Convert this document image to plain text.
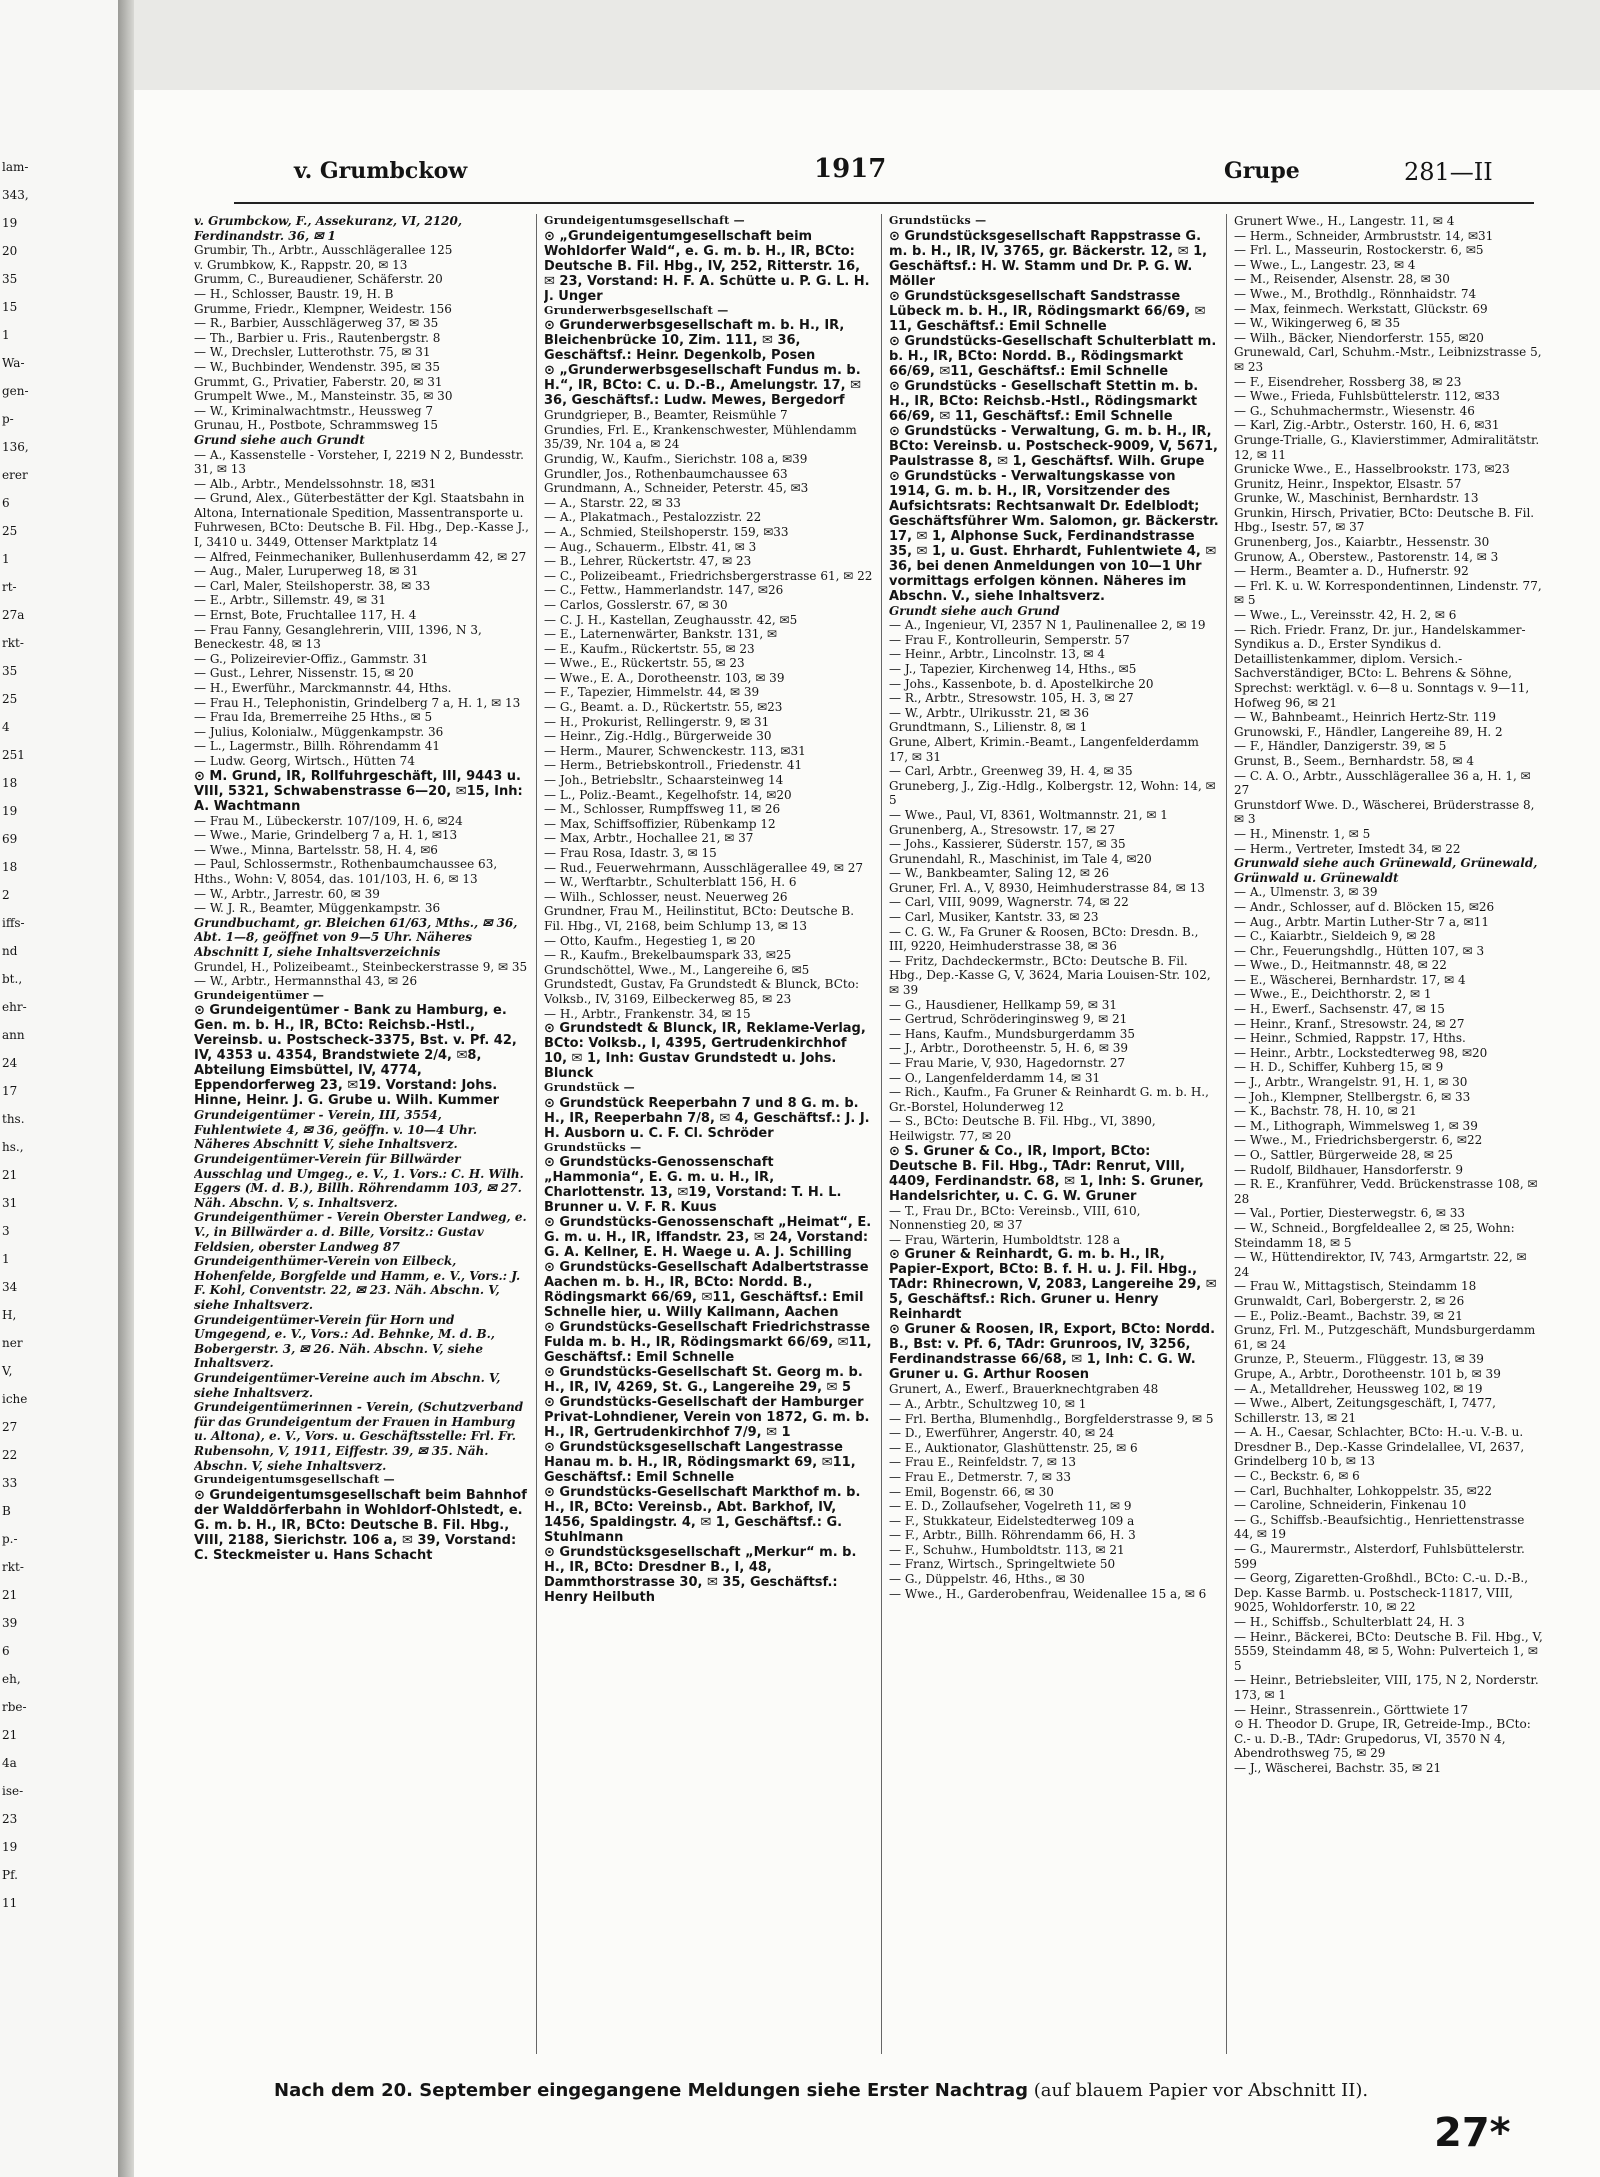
lam-
343,
19
20
35
15
1
Wa-
gen-
p-
136,
erer
6
25
1
rt-
27a
rkt-
35
25
4
251
18
19
69
18
2
iffs-
nd
bt.,
ehr-
ann
24
17
ths.
hs.,
21
31
3
1
34
H,
ner
V,
iche
27
22
33
B
p.-
rkt-
21
39
6
eh,
rbe-
21
4a
ise-
23
19
Pf.
11
v. Grumbckow	1917	Grupe	281—II

v. Grumbckow, F., Assekuranz, VI, 2120, Ferdinandstr. 36, ✉ 1

Grumbir, Th., Arbtr., Ausschlägerallee 125

v. Grumbkow, K., Rappstr. 20, ✉ 13

Grumm, C., Bureaudiener, Schäferstr. 20

— H., Schlosser, Baustr. 19, H. B

Grumme, Friedr., Klempner, Weidestr. 156

— R., Barbier, Ausschlägerweg 37, ✉ 35

— Th., Barbier u. Fris., Rautenbergstr. 8

— W., Drechsler, Lutterothstr. 75, ✉ 31

— W., Buchbinder, Wendenstr. 395, ✉ 35

Grummt, G., Privatier, Faberstr. 20, ✉ 31

Grumpelt Wwe., M., Mansteinstr. 35, ✉ 30

— W., Kriminalwachtmstr., Heussweg 7

Grunau, H., Postbote, Schrammsweg 15

Grund siehe auch Grundt

— A., Kassenstelle - Vorsteher, I, 2219 N 2, Bundesstr. 31, ✉ 13

— Alb., Arbtr., Mendelssohnstr. 18, ✉31

— Grund, Alex., Güterbestätter der Kgl. Staatsbahn in Altona, Internationale Spedition, Massentransporte u. Fuhrwesen, BCto: Deutsche B. Fil. Hbg., Dep.-Kasse J., I, 3410 u. 3449, Ottenser Marktplatz 14

— Alfred, Feinmechaniker, Bullenhuserdamm 42, ✉ 27

— Aug., Maler, Luruperweg 18, ✉ 31

— Carl, Maler, Steilshoperstr. 38, ✉ 33

— E., Arbtr., Sillemstr. 49, ✉ 31

— Ernst, Bote, Fruchtallee 117, H. 4

— Frau Fanny, Gesanglehrerin, VIII, 1396, N 3, Beneckestr. 48, ✉ 13

— G., Polizeirevier-Offiz., Gammstr. 31

— Gust., Lehrer, Nissenstr. 15, ✉ 20

— H., Ewerführ., Marckmannstr. 44, Hths.

— Frau H., Telephonistin, Grindelberg 7 a, H. 1, ✉ 13

— Frau Ida, Bremerreihe 25 Hths., ✉ 5

— Julius, Kolonialw., Müggenkampstr. 36

— L., Lagermstr., Billh. Röhrendamm 41

— Ludw. Georg, Wirtsch., Hütten 74

⊙ M. Grund, IR, Rollfuhrgeschäft, III, 9443 u. VIII, 5321, Schwabenstrasse 6—20, ✉15, Inh: A. Wachtmann

— Frau M., Lübeckerstr. 107/109, H. 6, ✉24

— Wwe., Marie, Grindelberg 7 a, H. 1, ✉13

— Wwe., Minna, Bartelsstr. 58, H. 4, ✉6

— Paul, Schlossermstr., Rothenbaumchaussee 63, Hths., Wohn: V, 8054, das. 101/103, H. 6, ✉ 13

— W., Arbtr., Jarrestr. 60, ✉ 39

— W. J. R., Beamter, Müggenkampstr. 36

Grundbuchamt, gr. Bleichen 61/63, Mths., ✉ 36, Abt. 1—8, geöffnet von 9—5 Uhr. Näheres Abschnitt I, siehe Inhaltsverzeichnis

Grundel, H., Polizeibeamt., Steinbeckerstrasse 9, ✉ 35

— W., Arbtr., Hermannsthal 43, ✉ 26

Grundeigentümer —

⊙ Grundeigentümer - Bank zu Hamburg, e. Gen. m. b. H., IR, BCto: Reichsb.-Hstl., Vereinsb. u. Postscheck-3375, Bst. v. Pf. 42, IV, 4353 u. 4354, Brandstwiete 2/4, ✉8, Abteilung Eimsbüttel, IV, 4774, Eppendorferweg 23, ✉19. Vorstand: Johs. Hinne, Heinr. J. G. Grube u. Wilh. Kummer

Grundeigentümer - Verein, III, 3554, Fuhlentwiete 4, ✉ 36, geöffn. v. 10—4 Uhr. Näheres Abschnitt V, siehe Inhaltsverz.

Grundeigentümer-Verein für Billwärder Ausschlag und Umgeg., e. V., 1. Vors.: C. H. Wilh. Eggers (M. d. B.), Billh. Röhrendamm 103, ✉ 27. Näh. Abschn. V, s. Inhaltsverz.

Grundeigenthümer - Verein Oberster Landweg, e. V., in Billwärder a. d. Bille, Vorsitz.: Gustav Feldsien, oberster Landweg 87

Grundeigenthümer-Verein von Eilbeck, Hohenfelde, Borgfelde und Hamm, e. V., Vors.: J. F. Kohl, Conventstr. 22, ✉ 23. Näh. Abschn. V, siehe Inhaltsverz.

Grundeigentümer-Verein für Horn und Umgegend, e. V., Vors.: Ad. Behnke, M. d. B., Bobergerstr. 3, ✉ 26. Näh. Abschn. V, siehe Inhaltsverz.

Grundeigentümer-Vereine auch im Abschn. V, siehe Inhaltsverz.

Grundeigentümerinnen - Verein, (Schutzverband für das Grundeigentum der Frauen in Hamburg u. Altona), e. V., Vors. u. Geschäftsstelle: Frl. Fr. Rubensohn, V, 1911, Eiffestr. 39, ✉ 35. Näh. Abschn. V, siehe Inhaltsverz.

Grundeigentumsgesellschaft —

⊙ Grundeigentumsgesellschaft beim Bahnhof der Walddörferbahn in Wohldorf-Ohlstedt, e. G. m. b. H., IR, BCto: Deutsche B. Fil. Hbg., VIII, 2188, Sierichstr. 106 a, ✉ 39, Vorstand: C. Steckmeister u. Hans Schacht

Grundeigentumsgesellschaft —

⊙ „Grundeigentumgesellschaft beim Wohldorfer Wald“, e. G. m. b. H., IR, BCto: Deutsche B. Fil. Hbg., IV, 252, Ritterstr. 16, ✉ 23, Vorstand: H. F. A. Schütte u. P. G. L. H. J. Unger

Grunderwerbsgesellschaft —

⊙ Grunderwerbsgesellschaft m. b. H., IR, Bleichenbrücke 10, Zim. 111, ✉ 36, Geschäftsf.: Heinr. Degenkolb, Posen

⊙ „Grunderwerbsgesellschaft Fundus m. b. H.“, IR, BCto: C. u. D.-B., Amelungstr. 17, ✉ 36, Geschäftsf.: Ludw. Mewes, Bergedorf

Grundgrieper, B., Beamter, Reismühle 7

Grundies, Frl. E., Krankenschwester, Mühlendamm 35/39, Nr. 104 a, ✉ 24

Grundig, W., Kaufm., Sierichstr. 108 a, ✉39

Grundler, Jos., Rothenbaumchaussee 63

Grundmann, A., Schneider, Peterstr. 45, ✉3

— A., Starstr. 22, ✉ 33

— A., Plakatmach., Pestalozzistr. 22

— A., Schmied, Steilshoperstr. 159, ✉33

— Aug., Schauerm., Elbstr. 41, ✉ 3

— B., Lehrer, Rückertstr. 47, ✉ 23

— C., Polizeibeamt., Friedrichsbergerstrasse 61, ✉ 22

— C., Fettw., Hammerlandstr. 147, ✉26

— Carlos, Gosslerstr. 67, ✉ 30

— C. J. H., Kastellan, Zeughausstr. 42, ✉5

— E., Laternenwärter, Bankstr. 131, ✉

— E., Kaufm., Rückertstr. 55, ✉ 23

— Wwe., E., Rückertstr. 55, ✉ 23

— Wwe., E. A., Dorotheenstr. 103, ✉ 39

— F., Tapezier, Himmelstr. 44, ✉ 39

— G., Beamt. a. D., Rückertstr. 55, ✉23

— H., Prokurist, Rellingerstr. 9, ✉ 31

— Heinr., Zig.-Hdlg., Bürgerweide 30

— Herm., Maurer, Schwenckestr. 113, ✉31

— Herm., Betriebskontroll., Friedenstr. 41

— Joh., Betriebsltr., Schaarsteinweg 14

— L., Poliz.-Beamt., Kegelhofstr. 14, ✉20

— M., Schlosser, Rumpffsweg 11, ✉ 26

— Max, Schiffsoffizier, Rübenkamp 12

— Max, Arbtr., Hochallee 21, ✉ 37

— Frau Rosa, Idastr. 3, ✉ 15

— Rud., Feuerwehrmann, Ausschlägerallee 49, ✉ 27

— W., Werftarbtr., Schulterblatt 156, H. 6

— Wilh., Schlosser, neust. Neuerweg 26

Grundner, Frau M., Heilinstitut, BCto: Deutsche B. Fil. Hbg., VI, 2168, beim Schlump 13, ✉ 13

— Otto, Kaufm., Hegestieg 1, ✉ 20

— R., Kaufm., Brekelbaumspark 33, ✉25

Grundschöttel, Wwe., M., Langereihe 6, ✉5

Grundstedt, Gustav, Fa Grundstedt & Blunck, BCto: Volksb., IV, 3169, Eilbeckerweg 85, ✉ 23

— H., Arbtr., Frankenstr. 34, ✉ 15

⊙ Grundstedt & Blunck, IR, Reklame-Verlag, BCto: Volksb., I, 4395, Gertrudenkirchhof 10, ✉ 1, Inh: Gustav Grundstedt u. Johs. Blunck

Grundstück —

⊙ Grundstück Reeperbahn 7 und 8 G. m. b. H., IR, Reeperbahn 7/8, ✉ 4, Geschäftsf.: J. J. H. Ausborn u. C. F. Cl. Schröder

Grundstücks —

⊙ Grundstücks-Genossenschaft „Hammonia“, E. G. m. u. H., IR, Charlottenstr. 13, ✉19, Vorstand: T. H. L. Brunner u. V. F. R. Kuus

⊙ Grundstücks-Genossenschaft „Heimat“, E. G. m. u. H., IR, Iffandstr. 23, ✉ 24, Vorstand: G. A. Kellner, E. H. Waege u. A. J. Schilling

⊙ Grundstücks-Gesellschaft Adalbertstrasse Aachen m. b. H., IR, BCto: Nordd. B., Rödingsmarkt 66/69, ✉11, Geschäftsf.: Emil Schnelle hier, u. Willy Kallmann, Aachen

⊙ Grundstücks-Gesellschaft Friedrichstrasse Fulda m. b. H., IR, Rödingsmarkt 66/69, ✉11, Geschäftsf.: Emil Schnelle

⊙ Grundstücks-Gesellschaft St. Georg m. b. H., IR, IV, 4269, St. G., Langereihe 29, ✉ 5

⊙ Grundstücks-Gesellschaft der Hamburger Privat-Lohndiener, Verein von 1872, G. m. b. H., IR, Gertrudenkirchhof 7/9, ✉ 1

⊙ Grundstücksgesellschaft Langestrasse Hanau m. b. H., IR, Rödingsmarkt 69, ✉11, Geschäftsf.: Emil Schnelle

⊙ Grundstücks-Gesellschaft Markthof m. b. H., IR, BCto: Vereinsb., Abt. Barkhof, IV, 1456, Spaldingstr. 4, ✉ 1, Geschäftsf.: G. Stuhlmann

⊙ Grundstücksgesellschaft „Merkur“ m. b. H., IR, BCto: Dresdner B., I, 48, Dammthorstrasse 30, ✉ 35, Geschäftsf.: Henry Heilbuth

Grundstücks —

⊙ Grundstücksgesellschaft Rappstrasse G. m. b. H., IR, IV, 3765, gr. Bäckerstr. 12, ✉ 1, Geschäftsf.: H. W. Stamm und Dr. P. G. W. Möller

⊙ Grundstücksgesellschaft Sandstrasse Lübeck m. b. H., IR, Rödingsmarkt 66/69, ✉ 11, Geschäftsf.: Emil Schnelle

⊙ Grundstücks-Gesellschaft Schulterblatt m. b. H., IR, BCto: Nordd. B., Rödingsmarkt 66/69, ✉11, Geschäftsf.: Emil Schnelle

⊙ Grundstücks - Gesellschaft Stettin m. b. H., IR, BCto: Reichsb.-Hstl., Rödingsmarkt 66/69, ✉ 11, Geschäftsf.: Emil Schnelle

⊙ Grundstücks - Verwaltung, G. m. b. H., IR, BCto: Vereinsb. u. Postscheck-9009, V, 5671, Paulstrasse 8, ✉ 1, Geschäftsf. Wilh. Grupe

⊙ Grundstücks - Verwaltungskasse von 1914, G. m. b. H., IR, Vorsitzender des Aufsichtsrats: Rechtsanwalt Dr. Edelblodt; Geschäftsführer Wm. Salomon, gr. Bäckerstr. 17, ✉ 1, Alphonse Suck, Ferdinandstrasse 35, ✉ 1, u. Gust. Ehrhardt, Fuhlentwiete 4, ✉36, bei denen Anmeldungen von 10—1 Uhr vormittags erfolgen können. Näheres im Abschn. V., siehe Inhaltsverz.

Grundt siehe auch Grund

— A., Ingenieur, VI, 2357 N 1, Paulinenallee 2, ✉ 19

— Frau F., Kontrolleurin, Semperstr. 57

— Heinr., Arbtr., Lincolnstr. 13, ✉ 4

— J., Tapezier, Kirchenweg 14, Hths., ✉5

— Johs., Kassenbote, b. d. Apostelkirche 20

— R., Arbtr., Stresowstr. 105, H. 3, ✉ 27

— W., Arbtr., Ulrikusstr. 21, ✉ 36

Grundtmann, S., Lilienstr. 8, ✉ 1

Grune, Albert, Krimin.-Beamt., Langenfelderdamm 17, ✉ 31

— Carl, Arbtr., Greenweg 39, H. 4, ✉ 35

Gruneberg, J., Zig.-Hdlg., Kolbergstr. 12, Wohn: 14, ✉ 5

— Wwe., Paul, VI, 8361, Woltmannstr. 21, ✉ 1

Grunenberg, A., Stresowstr. 17, ✉ 27

— Johs., Kassierer, Süderstr. 157, ✉ 35

Grunendahl, R., Maschinist, im Tale 4, ✉20

— W., Bankbeamter, Saling 12, ✉ 26

Gruner, Frl. A., V, 8930, Heimhuderstrasse 84, ✉ 13

— Carl, VIII, 9099, Wagnerstr. 74, ✉ 22

— Carl, Musiker, Kantstr. 33, ✉ 23

— C. G. W., Fa Gruner & Roosen, BCto: Dresdn. B., III, 9220, Heimhuderstrasse 38, ✉ 36

— Fritz, Dachdeckermstr., BCto: Deutsche B. Fil. Hbg., Dep.-Kasse G, V, 3624, Maria Louisen-Str. 102, ✉ 39

— G., Hausdiener, Hellkamp 59, ✉ 31

— Gertrud, Schröderinginsweg 9, ✉ 21

— Hans, Kaufm., Mundsburgerdamm 35

— J., Arbtr., Dorotheenstr. 5, H. 6, ✉ 39

— Frau Marie, V, 930, Hagedornstr. 27

— O., Langenfelderdamm 14, ✉ 31

— Rich., Kaufm., Fa Gruner & Reinhardt G. m. b. H., Gr.-Borstel, Holunderweg 12

— S., BCto: Deutsche B. Fil. Hbg., VI, 3890, Heilwigstr. 77, ✉ 20

⊙ S. Gruner & Co., IR, Import, BCto: Deutsche B. Fil. Hbg., TAdr: Renrut, VIII, 4409, Ferdinandstr. 68, ✉ 1, Inh: S. Gruner, Handelsrichter, u. C. G. W. Gruner

— T., Frau Dr., BCto: Vereinsb., VIII, 610, Nonnenstieg 20, ✉ 37

— Frau, Wärterin, Humboldtstr. 128 a

⊙ Gruner & Reinhardt, G. m. b. H., IR, Papier-Export, BCto: B. f. H. u. J. Fil. Hbg., TAdr: Rhinecrown, V, 2083, Langereihe 29, ✉ 5, Geschäftsf.: Rich. Gruner u. Henry Reinhardt

⊙ Gruner & Roosen, IR, Export, BCto: Nordd. B., Bst: v. Pf. 6, TAdr: Grunroos, IV, 3256, Ferdinandstrasse 66/68, ✉ 1, Inh: C. G. W. Gruner u. G. Arthur Roosen

Grunert, A., Ewerf., Brauerknechtgraben 48

— A., Arbtr., Schultzweg 10, ✉ 1

— Frl. Bertha, Blumenhdlg., Borgfelderstrasse 9, ✉ 5

— D., Ewerführer, Angerstr. 40, ✉ 24

— E., Auktionator, Glashüttenstr. 25, ✉ 6

— Frau E., Reinfeldstr. 7, ✉ 13

— Frau E., Detmerstr. 7, ✉ 33

— Emil, Bogenstr. 66, ✉ 30

— E. D., Zollaufseher, Vogelreth 11, ✉ 9

— F., Stukkateur, Eidelstedterweg 109 a

— F., Arbtr., Billh. Röhrendamm 66, H. 3

— F., Schuhw., Humboldtstr. 113, ✉ 21

— Franz, Wirtsch., Springeltwiete 50

— G., Düppelstr. 46, Hths., ✉ 30

— Wwe., H., Garderobenfrau, Weidenallee 15 a, ✉ 6

Grunert Wwe., H., Langestr. 11, ✉ 4

— Herm., Schneider, Armbruststr. 14, ✉31

— Frl. L., Masseurin, Rostockerstr. 6, ✉5

— Wwe., L., Langestr. 23, ✉ 4

— M., Reisender, Alsenstr. 28, ✉ 30

— Wwe., M., Brothdlg., Rönnhaidstr. 74

— Max, feinmech. Werkstatt, Glückstr. 69

— W., Wikingerweg 6, ✉ 35

— Wilh., Bäcker, Niendorferstr. 155, ✉20

Grunewald, Carl, Schuhm.-Mstr., Leibnizstrasse 5, ✉ 23

— F., Eisendreher, Rossberg 38, ✉ 23

— Wwe., Frieda, Fuhlsbüttelerstr. 112, ✉33

— G., Schuhmachermstr., Wiesenstr. 46

— Karl, Zig.-Arbtr., Osterstr. 160, H. 6, ✉31

Grunge-Trialle, G., Klavierstimmer, Admiralitätstr. 12, ✉ 11

Grunicke Wwe., E., Hasselbrookstr. 173, ✉23

Grunitz, Heinr., Inspektor, Elsastr. 57

Grunke, W., Maschinist, Bernhardstr. 13

Grunkin, Hirsch, Privatier, BCto: Deutsche B. Fil. Hbg., Isestr. 57, ✉ 37

Grunenberg, Jos., Kaiarbtr., Hessenstr. 30

Grunow, A., Oberstew., Pastorenstr. 14, ✉ 3

— Herm., Beamter a. D., Hufnerstr. 92

— Frl. K. u. W. Korrespondentinnen, Lindenstr. 77, ✉ 5

— Wwe., L., Vereinsstr. 42, H. 2, ✉ 6

— Rich. Friedr. Franz, Dr. jur., Handelskammer-Syndikus a. D., Erster Syndikus d. Detaillistenkammer, diplom. Versich.-Sachverständiger, BCto: L. Behrens & Söhne, Sprechst: werktägl. v. 6—8 u. Sonntags v. 9—11, Hofweg 96, ✉ 21

— W., Bahnbeamt., Heinrich Hertz-Str. 119

Grunowski, F., Händler, Langereihe 89, H. 2

— F., Händler, Danzigerstr. 39, ✉ 5

Grunst, B., Seem., Bernhardstr. 58, ✉ 4

— C. A. O., Arbtr., Ausschlägerallee 36 a, H. 1, ✉ 27

Grunstdorf Wwe. D., Wäscherei, Brüderstrasse 8, ✉ 3

— H., Minenstr. 1, ✉ 5

— Herm., Vertreter, Imstedt 34, ✉ 22

Grunwald siehe auch Grünewald, Grünewald, Grünwald u. Grünewaldt

— A., Ulmenstr. 3, ✉ 39

— Andr., Schlosser, auf d. Blöcken 15, ✉26

— Aug., Arbtr. Martin Luther-Str 7 a, ✉11

— C., Kaiarbtr., Sieldeich 9, ✉ 28

— Chr., Feuerungshdlg., Hütten 107, ✉ 3

— Wwe., D., Heitmannstr. 48, ✉ 22

— E., Wäscherei, Bernhardstr. 17, ✉ 4

— Wwe., E., Deichthorstr. 2, ✉ 1

— H., Ewerf., Sachsenstr. 47, ✉ 15

— Heinr., Kranf., Stresowstr. 24, ✉ 27

— Heinr., Schmied, Rappstr. 17, Hths.

— Heinr., Arbtr., Lockstedterweg 98, ✉20

— H. D., Schiffer, Kuhberg 15, ✉ 9

— J., Arbtr., Wrangelstr. 91, H. 1, ✉ 30

— Joh., Klempner, Stellbergstr. 6, ✉ 33

— K., Bachstr. 78, H. 10, ✉ 21

— M., Lithograph, Wimmelsweg 1, ✉ 39

— Wwe., M., Friedrichsbergerstr. 6, ✉22

— O., Sattler, Bürgerweide 28, ✉ 25

— Rudolf, Bildhauer, Hansdorferstr. 9

— R. E., Kranführer, Vedd. Brückenstrasse 108, ✉ 28

— Val., Portier, Diesterwegstr. 6, ✉ 33

— W., Schneid., Borgfeldeallee 2, ✉ 25, Wohn: Steindamm 18, ✉ 5

— W., Hüttendirektor, IV, 743, Armgartstr. 22, ✉ 24

— Frau W., Mittagstisch, Steindamm 18

Grunwaldt, Carl, Bobergerstr. 2, ✉ 26

— E., Poliz.-Beamt., Bachstr. 39, ✉ 21

Grunz, Frl. M., Putzgeschäft, Mundsburgerdamm 61, ✉ 24

Grunze, P., Steuerm., Flüggestr. 13, ✉ 39

Grupe, A., Arbtr., Dorotheenstr. 101 b, ✉ 39

— A., Metalldreher, Heussweg 102, ✉ 19

— Wwe., Albert, Zeitungsgeschäft, I, 7477, Schillerstr. 13, ✉ 21

— A. H., Caesar, Schlachter, BCto: H.-u. V.-B. u. Dresdner B., Dep.-Kasse Grindelallee, VI, 2637, Grindelberg 10 b, ✉ 13

— C., Beckstr. 6, ✉ 6

— Carl, Buchhalter, Lohkoppelstr. 35, ✉22

— Caroline, Schneiderin, Finkenau 10

— G., Schiffsb.-Beaufsichtig., Henriettenstrasse 44, ✉ 19

— G., Maurermstr., Alsterdorf, Fuhlsbüttelerstr. 599

— Georg, Zigaretten-Großhdl., BCto: C.-u. D.-B., Dep. Kasse Barmb. u. Postscheck-11817, VIII, 9025, Wohldorferstr. 10, ✉ 22

— H., Schiffsb., Schulterblatt 24, H. 3

— Heinr., Bäckerei, BCto: Deutsche B. Fil. Hbg., V, 5559, Steindamm 48, ✉ 5, Wohn: Pulverteich 1, ✉ 5

— Heinr., Betriebsleiter, VIII, 175, N 2, Norderstr. 173, ✉ 1

— Heinr., Strassenrein., Görttwiete 17

⊙ H. Theodor D. Grupe, IR, Getreide-Imp., BCto: C.- u. D.-B., TAdr: Grupedorus, VI, 3570 N 4, Abendrothsweg 75, ✉ 29

— J., Wäscherei, Bachstr. 35, ✉ 21

Nach dem 20. September eingegangene Meldungen siehe Erster Nachtrag (auf blauem Papier vor Abschnitt II).
27*
